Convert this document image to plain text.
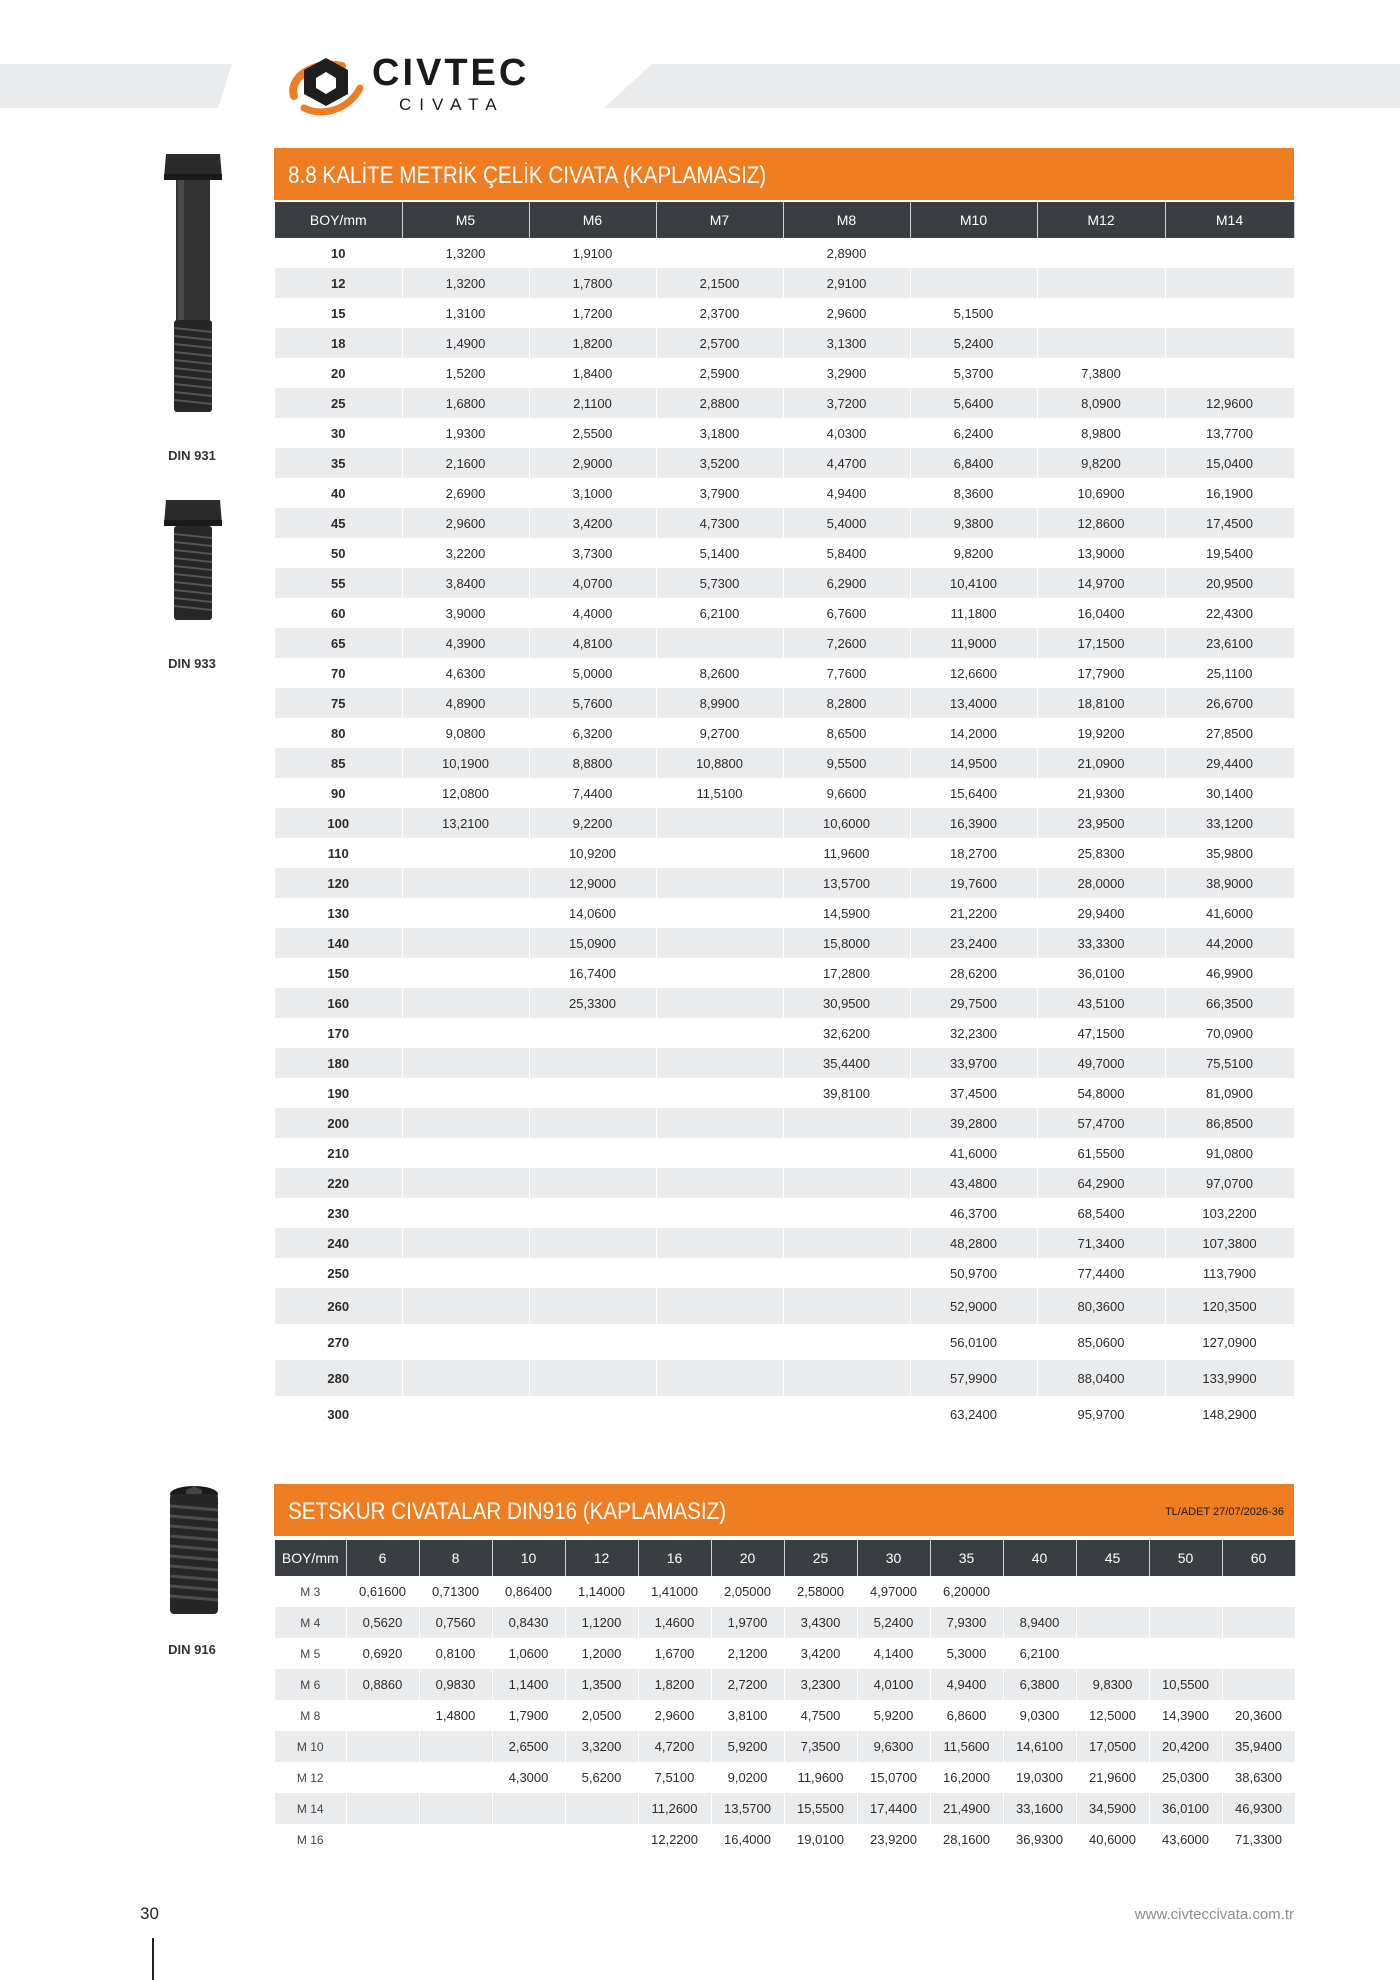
CIVTEC
CIVATA
DIN 931
DIN 933
DIN 916
8.8 KALİTE METRİK ÇELİK CIVATA (KAPLAMASIZ)
BOY/mm	M5	M6	M7	M8	M10	M12	M14
10	1,3200	1,9100		2,8900			
12	1,3200	1,7800	2,1500	2,9100			
15	1,3100	1,7200	2,3700	2,9600	5,1500		
18	1,4900	1,8200	2,5700	3,1300	5,2400		
20	1,5200	1,8400	2,5900	3,2900	5,3700	7,3800	
25	1,6800	2,1100	2,8800	3,7200	5,6400	8,0900	12,9600
30	1,9300	2,5500	3,1800	4,0300	6,2400	8,9800	13,7700
35	2,1600	2,9000	3,5200	4,4700	6,8400	9,8200	15,0400
40	2,6900	3,1000	3,7900	4,9400	8,3600	10,6900	16,1900
45	2,9600	3,4200	4,7300	5,4000	9,3800	12,8600	17,4500
50	3,2200	3,7300	5,1400	5,8400	9,8200	13,9000	19,5400
55	3,8400	4,0700	5,7300	6,2900	10,4100	14,9700	20,9500
60	3,9000	4,4000	6,2100	6,7600	11,1800	16,0400	22,4300
65	4,3900	4,8100		7,2600	11,9000	17,1500	23,6100
70	4,6300	5,0000	8,2600	7,7600	12,6600	17,7900	25,1100
75	4,8900	5,7600	8,9900	8,2800	13,4000	18,8100	26,6700
80	9,0800	6,3200	9,2700	8,6500	14,2000	19,9200	27,8500
85	10,1900	8,8800	10,8800	9,5500	14,9500	21,0900	29,4400
90	12,0800	7,4400	11,5100	9,6600	15,6400	21,9300	30,1400
100	13,2100	9,2200		10,6000	16,3900	23,9500	33,1200
110		10,9200		11,9600	18,2700	25,8300	35,9800
120		12,9000		13,5700	19,7600	28,0000	38,9000
130		14,0600		14,5900	21,2200	29,9400	41,6000
140		15,0900		15,8000	23,2400	33,3300	44,2000
150		16,7400		17,2800	28,6200	36,0100	46,9900
160		25,3300		30,9500	29,7500	43,5100	66,3500
170				32,6200	32,2300	47,1500	70,0900
180				35,4400	33,9700	49,7000	75,5100
190				39,8100	37,4500	54,8000	81,0900
200					39,2800	57,4700	86,8500
210					41,6000	61,5500	91,0800
220					43,4800	64,2900	97,0700
230					46,3700	68,5400	103,2200
240					48,2800	71,3400	107,3800
250					50,9700	77,4400	113,7900
260					52,9000	80,3600	120,3500
270					56,0100	85,0600	127,0900
280					57,9900	88,0400	133,9900
300					63,2400	95,9700	148,2900
SETSKUR CIVATALAR DIN916 (KAPLAMASIZ)	TL/ADET 27/07/2026-36
BOY/mm	6	8	10	12	16	20	25	30	35	40	45	50	60
M 3	0,61600	0,71300	0,86400	1,14000	1,41000	2,05000	2,58000	4,97000	6,20000				
M 4	0,5620	0,7560	0,8430	1,1200	1,4600	1,9700	3,4300	5,2400	7,9300	8,9400			
M 5	0,6920	0,8100	1,0600	1,2000	1,6700	2,1200	3,4200	4,1400	5,3000	6,2100			
M 6	0,8860	0,9830	1,1400	1,3500	1,8200	2,7200	3,2300	4,0100	4,9400	6,3800	9,8300	10,5500	
M 8		1,4800	1,7900	2,0500	2,9600	3,8100	4,7500	5,9200	6,8600	9,0300	12,5000	14,3900	20,3600
M 10			2,6500	3,3200	4,7200	5,9200	7,3500	9,6300	11,5600	14,6100	17,0500	20,4200	35,9400
M 12			4,3000	5,6200	7,5100	9,0200	11,9600	15,0700	16,2000	19,0300	21,9600	25,0300	38,6300
M 14					11,2600	13,5700	15,5500	17,4400	21,4900	33,1600	34,5900	36,0100	46,9300
M 16					12,2200	16,4000	19,0100	23,9200	28,1600	36,9300	40,6000	43,6000	71,3300
30	www.civteccivata.com.tr
